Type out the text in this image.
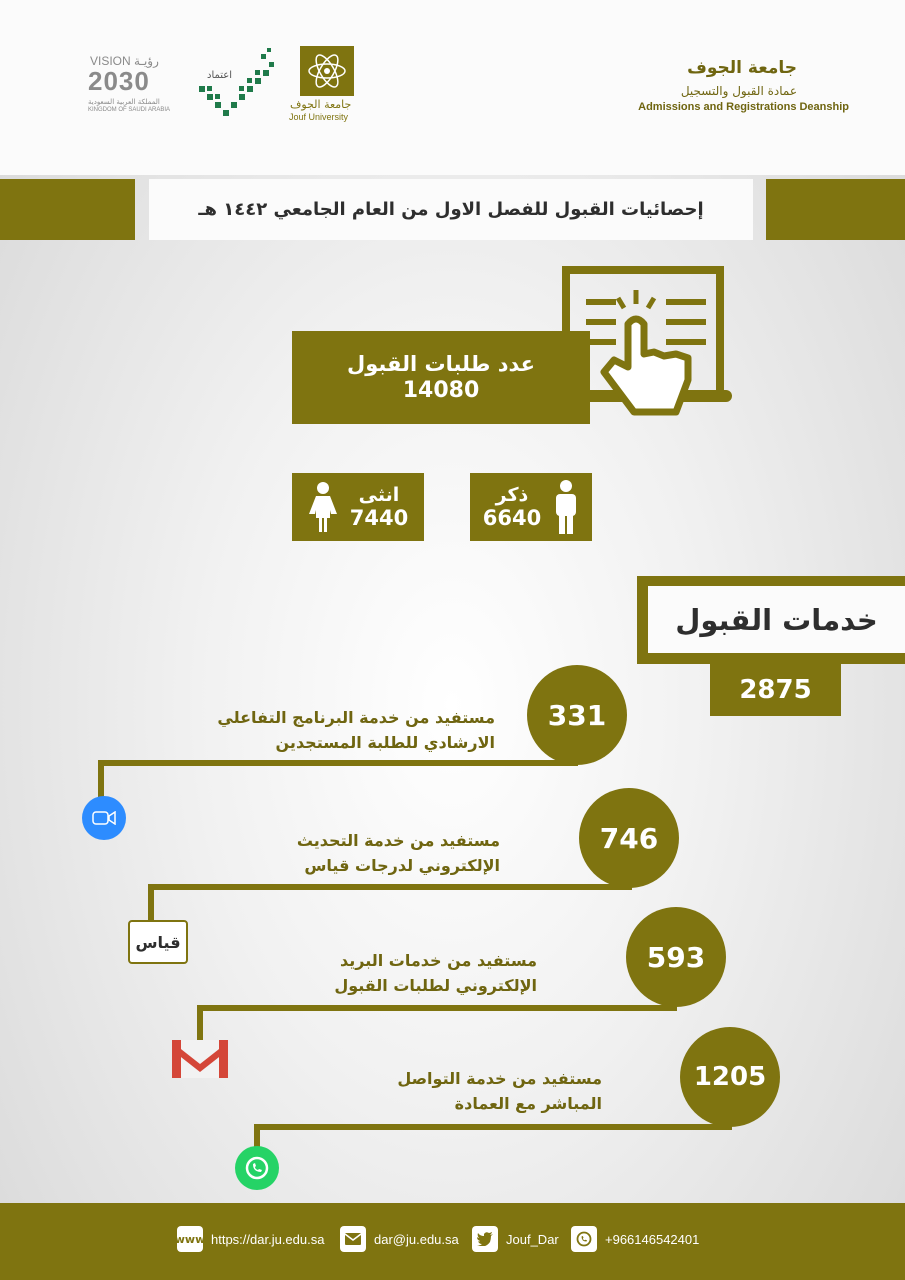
جامعة الجوف
عمادة القبول والتسجيل
Admissions and Registrations Deanship
VISION رؤيـة
2030
المملكة العربية السعودية
KINGDOM OF SAUDI ARABIA
اعتماد
جامعة الجوف
Jouf University
إحصائيات القبول للفصل الاول من العام الجامعي ١٤٤٢ هـ
عدد طلبات القبول
14080
انثى
7440
ذكر
6640
خدمات القبول
2875
331
مستفيد من خدمة البرنامج التفاعلي
الارشادي للطلبة المستجدين
746
مستفيد من خدمة التحديث
الإلكتروني لدرجات قياس
قياس	593
مستفيد من خدمات البريد
الإلكتروني لطلبات القبول
1205
مستفيد من خدمة التواصل
المباشر مع العمادة
www https://dar.ju.edu.sa	dar@ju.edu.sa	Jouf_Dar	+966146542401
